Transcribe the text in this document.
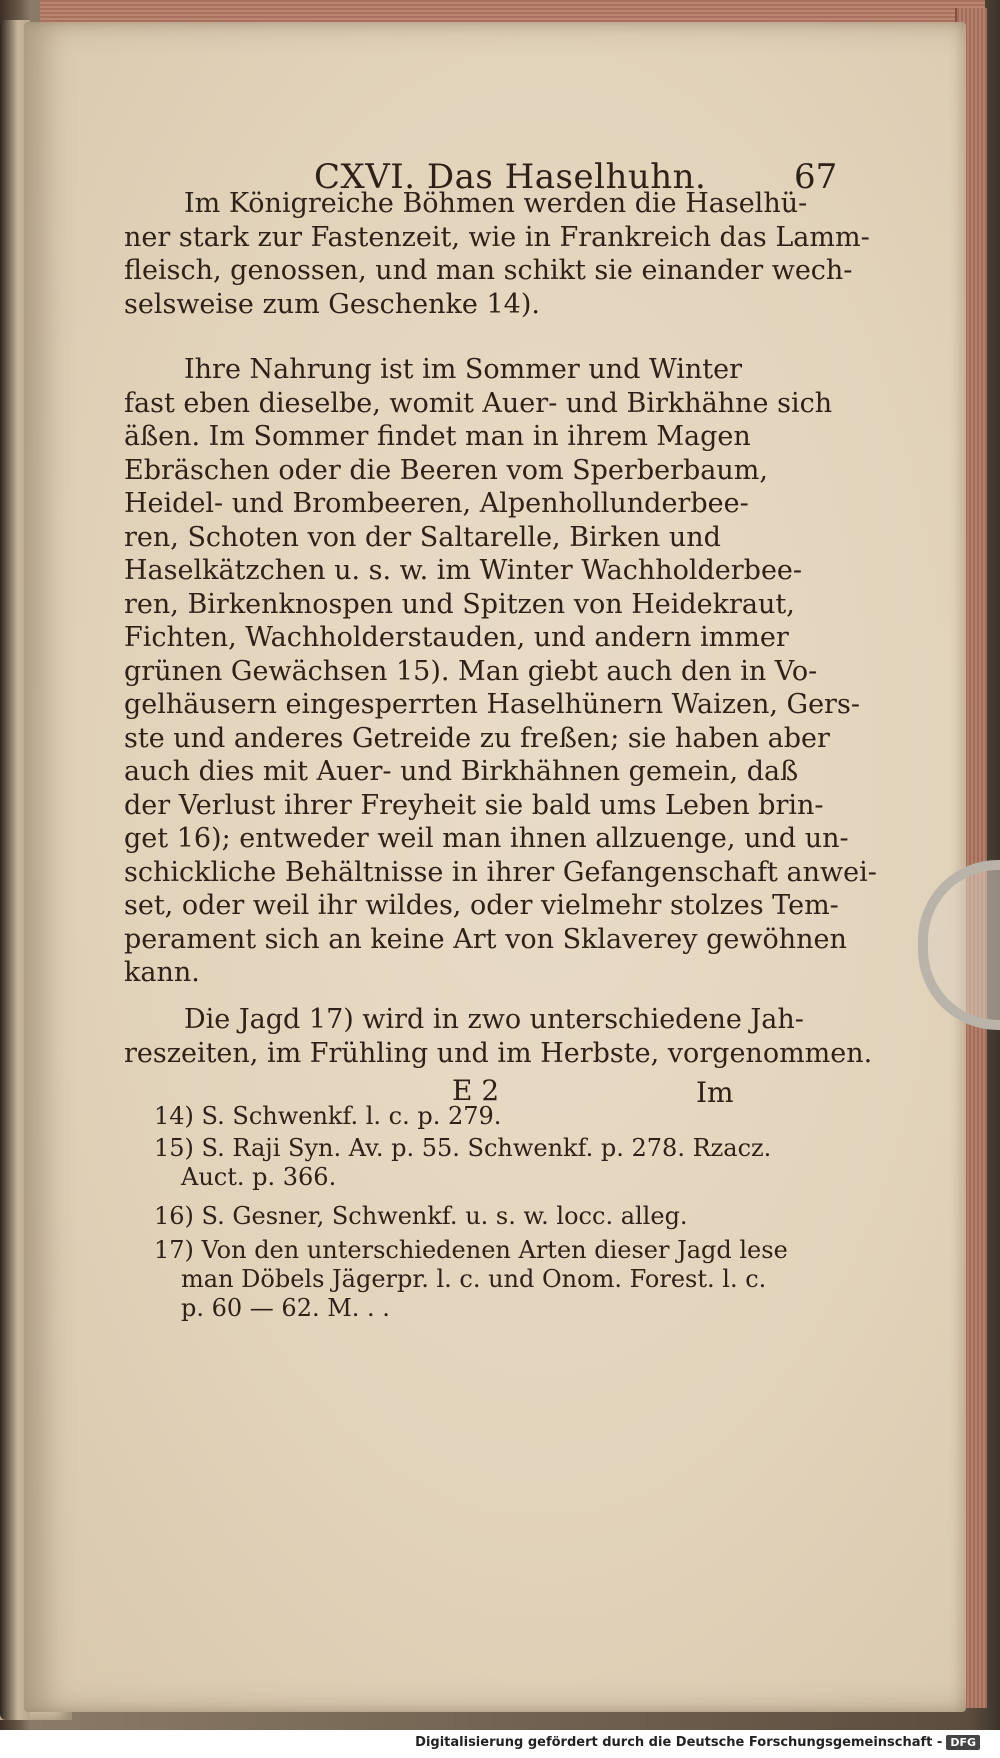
CXVI. Das Haselhuhn.	67
Im Königreiche Böhmen werden die Haselhü-
ner stark zur Fastenzeit, wie in Frankreich das Lamm-
fleisch, genossen, und man schikt sie einander wech-
selsweise zum Geschenke 14).
Ihre Nahrung ist im Sommer und Winter
fast eben dieselbe, womit Auer- und Birkhähne sich
äßen. Im Sommer findet man in ihrem Magen
Ebräschen oder die Beeren vom Sperberbaum,
Heidel- und Brombeeren, Alpenhollunderbee-
ren, Schoten von der Saltarelle, Birken und
Haselkätzchen u. s. w. im Winter Wachholderbee-
ren, Birkenknospen und Spitzen von Heidekraut,
Fichten, Wachholderstauden, und andern immer
grünen Gewächsen 15). Man giebt auch den in Vo-
gelhäusern eingesperrten Haselhünern Waizen, Gers-
ste und anderes Getreide zu freßen; sie haben aber
auch dies mit Auer- und Birkhähnen gemein, daß
der Verlust ihrer Freyheit sie bald ums Leben brin-
get 16); entweder weil man ihnen allzuenge, und un-
schickliche Behältnisse in ihrer Gefangenschaft anwei-
set, oder weil ihr wildes, oder vielmehr stolzes Tem-
perament sich an keine Art von Sklaverey gewöhnen
kann.
Die Jagd 17) wird in zwo unterschiedene Jah-
reszeiten, im Frühling und im Herbste, vorgenommen.
E 2	Im
14) S. Schwenkf. l. c. p. 279.
15) S. Raji Syn. Av. p. 55. Schwenkf. p. 278. Rzacz.
Auct. p. 366.
16) S. Gesner, Schwenkf. u. s. w. locc. alleg.
17) Von den unterschiedenen Arten dieser Jagd lese
man Döbels Jägerpr. l. c. und Onom. Forest. l. c.
p. 60 — 62. M. . .
Digitalisierung gefördert durch die Deutsche Forschungsgemeinschaft - DFG
